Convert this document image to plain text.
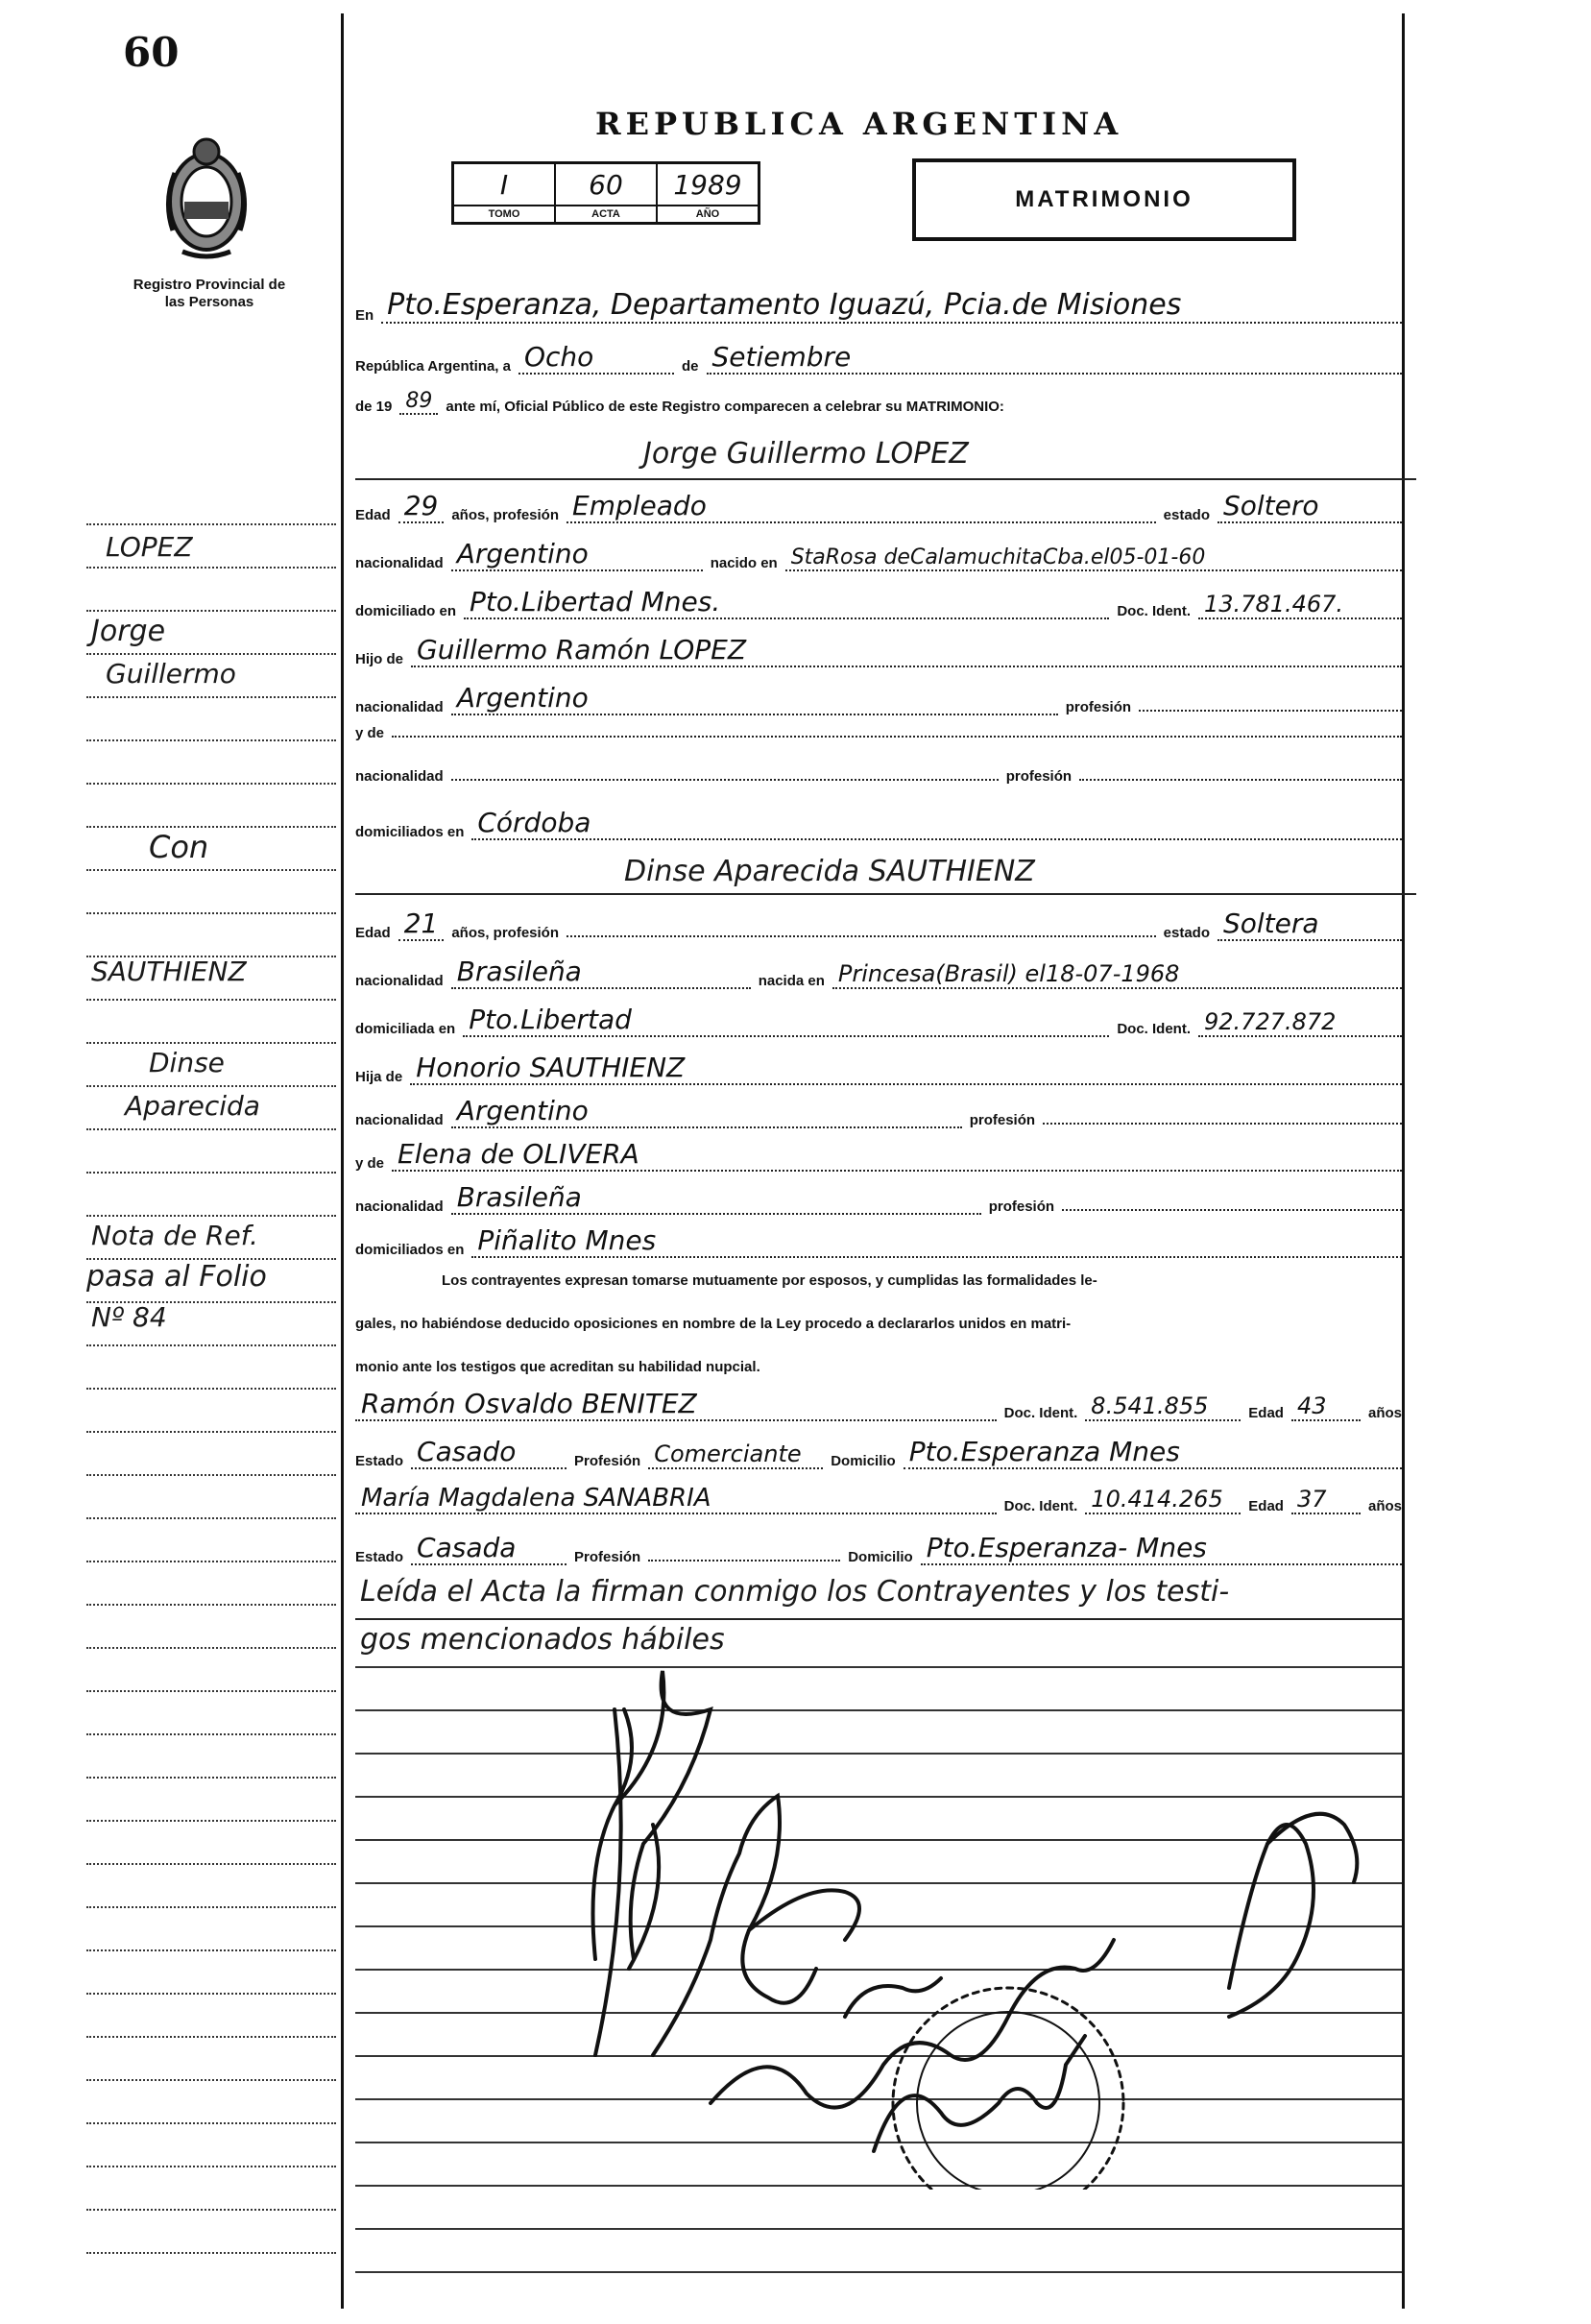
60
Registro Provincial de las Personas
REPUBLICA ARGENTINA
I
TOMO
60
ACTA
1989
AÑO
MATRIMONIO
En Pto.Esperanza, Departamento Iguazú, Pcia.de Misiones
República Argentina, a Ocho	de Setiembre
de 19 89 ante mí, Oficial Público de este Registro comparecen a celebrar su MATRIMONIO:
Jorge Guillermo LOPEZ
Edad 29 años, profesión Empleado	estado Soltero
nacionalidad Argentino	nacido en StaRosa deCalamuchitaCba.el05-01-60
domiciliado en Pto.Libertad Mnes.	Doc. Ident. 13.781.467.
Hijo de Guillermo Ramón LOPEZ
nacionalidad Argentino	profesión
y de
nacionalidad	profesión
domiciliados en Córdoba
Dinse Aparecida SAUTHIENZ
Edad 21 años, profesión	estado Soltera
nacionalidad Brasileña	nacida en Princesa(Brasil) el18-07-1968
domiciliada en Pto.Libertad	Doc. Ident. 92.727.872
Hija de Honorio SAUTHIENZ
nacionalidad Argentino	profesión
y de Elena de OLIVERA
nacionalidad Brasileña	profesión
domiciliados en Piñalito Mnes
Los contrayentes expresan tomarse mutuamente por esposos, y cumplidas las formalidades le-
gales, no habiéndose deducido oposiciones en nombre de la Ley procedo a declararlos unidos en matri-
monio ante los testigos que acreditan su habilidad nupcial.
Ramón Osvaldo BENITEZ	Doc. Ident. 8.541.855	Edad 43	años
Estado Casado	Profesión Comerciante	Domicilio Pto.Esperanza Mnes
María Magdalena SANABRIA	Doc. Ident. 10.414.265	Edad 37	años
Estado Casada	Profesión	Domicilio Pto.Esperanza- Mnes
Leída el Acta la firman conmigo los Contrayentes y los testi-
gos mencionados hábiles
LOPEZ
Jorge
Guillermo
Con
SAUTHIENZ
Dinse
Aparecida
Nota de Ref.
pasa al Folio
Nº 84
